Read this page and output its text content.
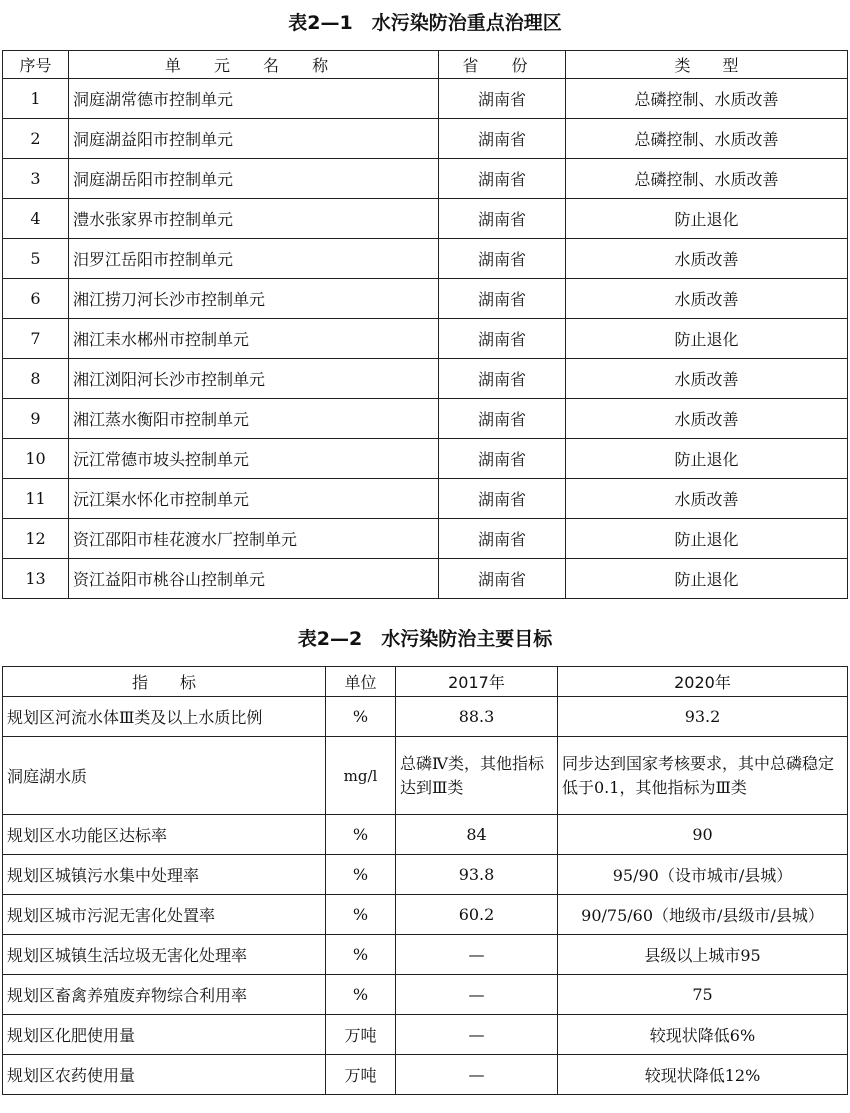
表2—1　水污染防治重点治理区
序号	单 元 名 称	省 份	类　　型
1	洞庭湖常德市控制单元	湖南省	总磷控制、水质改善
2	洞庭湖益阳市控制单元	湖南省	总磷控制、水质改善
3	洞庭湖岳阳市控制单元	湖南省	总磷控制、水质改善
4	澧水张家界市控制单元	湖南省	防止退化
5	汨罗江岳阳市控制单元	湖南省	水质改善
6	湘江捞刀河长沙市控制单元	湖南省	水质改善
7	湘江耒水郴州市控制单元	湖南省	防止退化
8	湘江浏阳河长沙市控制单元	湖南省	水质改善
9	湘江蒸水衡阳市控制单元	湖南省	水质改善
10	沅江常德市坡头控制单元	湖南省	防止退化
11	沅江渠水怀化市控制单元	湖南省	水质改善
12	资江邵阳市桂花渡水厂控制单元	湖南省	防止退化
13	资江益阳市桃谷山控制单元	湖南省	防止退化
表2—2　水污染防治主要目标
指　　标	单位	2017年	2020年
规划区河流水体Ⅲ类及以上水质比例	%	88.3	93.2
洞庭湖水质	mg/l	总磷Ⅳ类，其他指标达到Ⅲ类	同步达到国家考核要求，其中总磷稳定低于0.1，其他指标为Ⅲ类
规划区水功能区达标率	%	84	90
规划区城镇污水集中处理率	%	93.8	95/90（设市城市/县城）
规划区城市污泥无害化处置率	%	60.2	90/75/60（地级市/县级市/县城）
规划区城镇生活垃圾无害化处理率	%	—	县级以上城市95
规划区畜禽养殖废弃物综合利用率	%	—	75
规划区化肥使用量	万吨	—	较现状降低6%
规划区农药使用量	万吨	—	较现状降低12%
